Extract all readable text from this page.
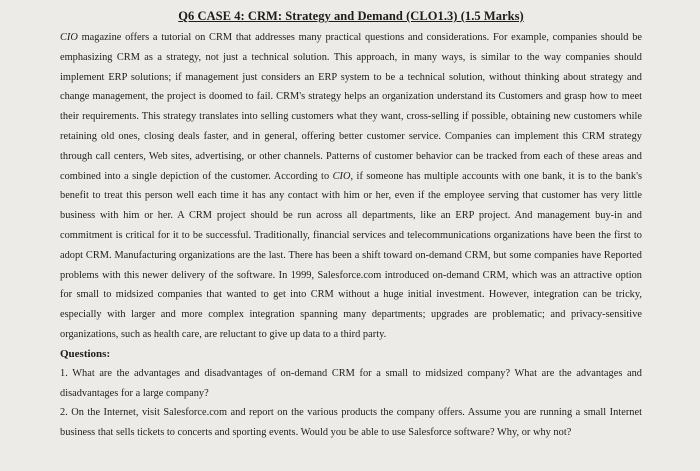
Q6 CASE 4: CRM: Strategy and Demand (CLO1.3) (1.5 Marks)

CIO magazine offers a tutorial on CRM that addresses many practical questions and considerations. For example, companies should be emphasizing CRM as a strategy, not just a technical solution. This approach, in many ways, is similar to the way companies should implement ERP solutions; if management just considers an ERP system to be a technical solution, without thinking about strategy and change management, the project is doomed to fail. CRM's strategy helps an organization understand its Customers and grasp how to meet their requirements. This strategy translates into selling customers what they want, cross-selling if possible, obtaining new customers while retaining old ones, closing deals faster, and in general, offering better customer service. Companies can implement this CRM strategy through call centers, Web sites, advertising, or other channels. Patterns of customer behavior can be tracked from each of these areas and combined into a single depiction of the customer. According to CIO, if someone has multiple accounts with one bank, it is to the bank's benefit to treat this person well each time it has any contact with him or her, even if the employee serving that customer has very little business with him or her. A CRM project should be run across all departments, like an ERP project. And management buy-in and commitment is critical for it to be successful. Traditionally, financial services and telecommunications organizations have been the first to adopt CRM. Manufacturing organizations are the last. There has been a shift toward on-demand CRM, but some companies have Reported problems with this newer delivery of the software. In 1999, Salesforce.com introduced on-demand CRM, which was an attractive option for small to midsized companies that wanted to get into CRM without a huge initial investment. However, integration can be tricky, especially with larger and more complex integration spanning many departments; upgrades are problematic; and privacy-sensitive organizations, such as health care, are reluctant to give up data to a third party.

Questions:

1. What are the advantages and disadvantages of on-demand CRM for a small to midsized company? What are the advantages and disadvantages for a large company?

2. On the Internet, visit Salesforce.com and report on the various products the company offers. Assume you are running a small Internet business that sells tickets to concerts and sporting events. Would you be able to use Salesforce software? Why, or why not?
